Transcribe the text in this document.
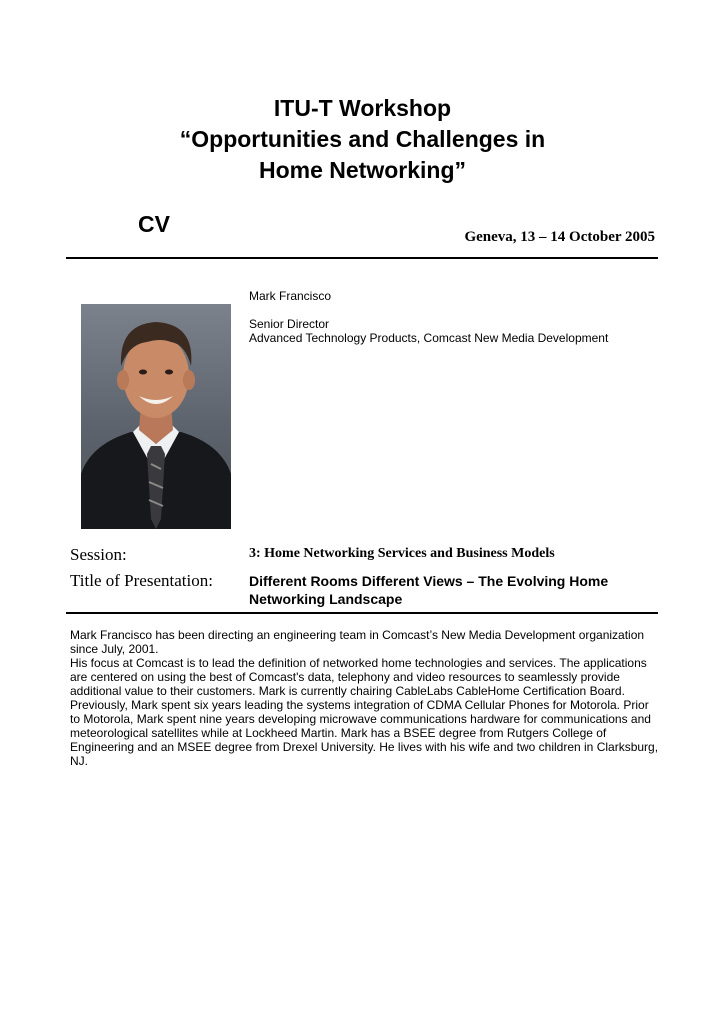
ITU-T Workshop
“Opportunities and Challenges in
Home Networking”
CV	Geneva, 13 – 14 October 2005
Mark Francisco
Senior Director
Advanced Technology Products, Comcast New Media Development
Session:	3: Home Networking Services and Business Models
Title of Presentation:	Different Rooms Different Views – The Evolving Home
Networking Landscape

Mark Francisco has been directing an engineering team in Comcast’s New Media Development organization since July, 2001.

His focus at Comcast is to lead the definition of networked home technologies and services. The applications are centered on using the best of Comcast's data, telephony and video resources to seamlessly provide additional value to their customers. Mark is currently chairing CableLabs CableHome Certification Board. Previously, Mark spent six years leading the systems integration of CDMA Cellular Phones for Motorola. Prior to Motorola, Mark spent nine years developing microwave communications hardware for communications and meteorological satellites while at Lockheed Martin. Mark has a BSEE degree from Rutgers College of Engineering and an MSEE degree from Drexel University. He lives with his wife and two children in Clarksburg, NJ.
